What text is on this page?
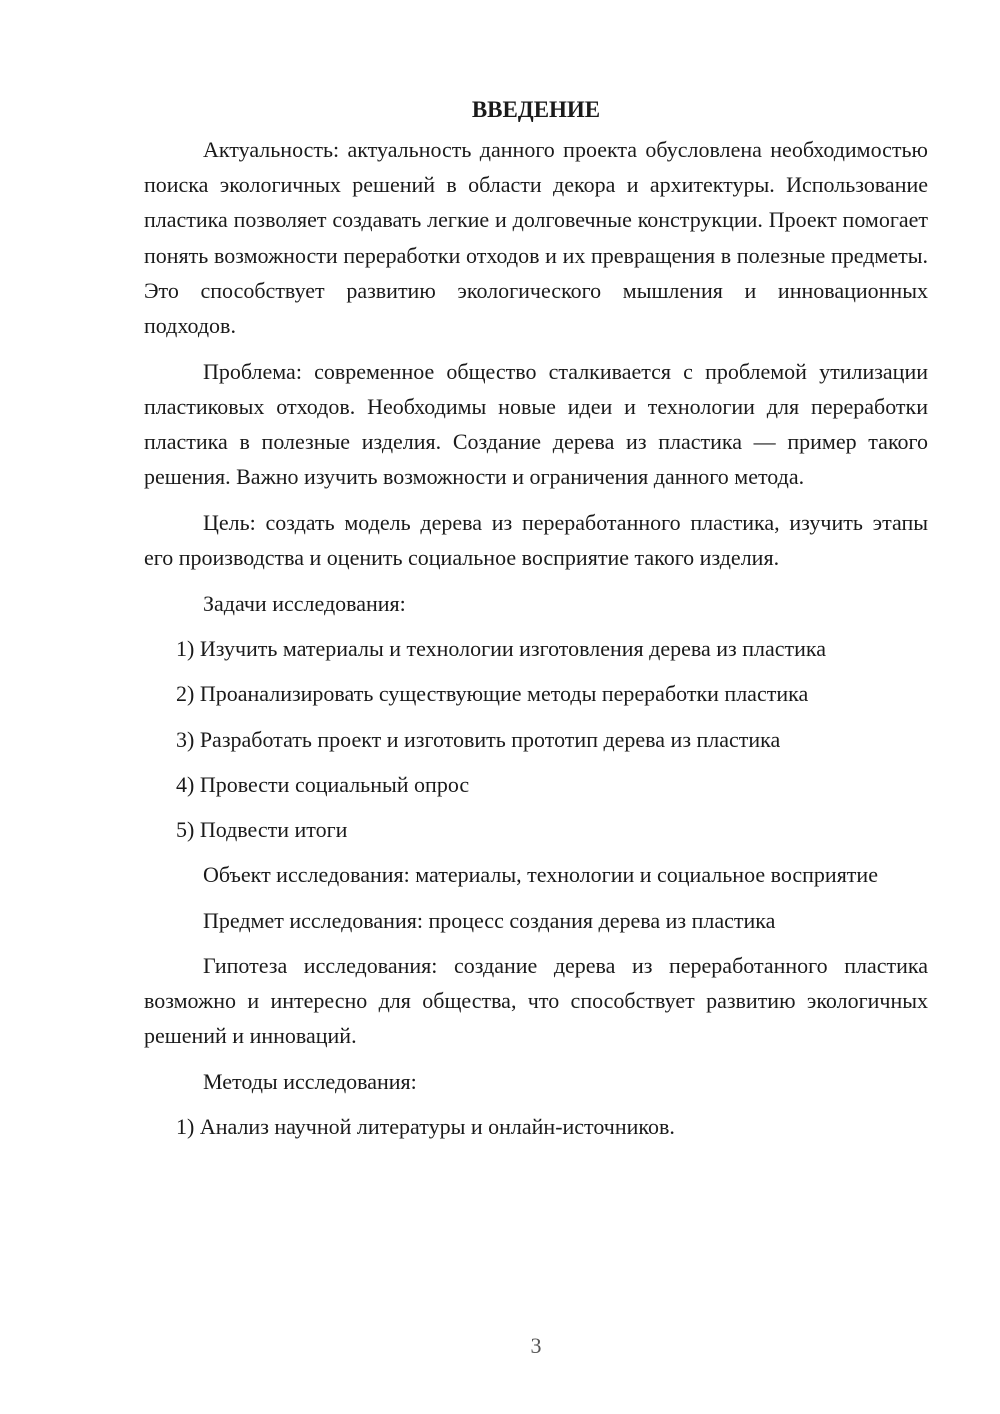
ВВЕДЕНИЕ

Актуальность: актуальность данного проекта обусловлена необходимостью поиска экологичных решений в области декора и архитектуры. Использование пластика позволяет создавать легкие и долговечные конструкции. Проект помогает понять возможности переработки отходов и их превращения в полезные предметы. Это способствует развитию экологического мышления и инновационных подходов.

Проблема: современное общество сталкивается с проблемой утилизации пластиковых отходов. Необходимы новые идеи и технологии для переработки пластика в полезные изделия. Создание дерева из пластика — пример такого решения. Важно изучить возможности и ограничения данного метода.

Цель: создать модель дерева из переработанного пластика, изучить этапы его производства и оценить социальное восприятие такого изделия.

Задачи исследования:

1) Изучить материалы и технологии изготовления дерева из пластика
2) Проанализировать существующие методы переработки пластика
3) Разработать проект и изготовить прототип дерева из пластика
4) Провести социальный опрос
5) Подвести итоги

Объект исследования: материалы, технологии и социальное восприятие

Предмет исследования: процесс создания дерева из пластика

Гипотеза исследования: создание дерева из переработанного пластика возможно и интересно для общества, что способствует развитию экологичных решений и инноваций.

Методы исследования:

1) Анализ научной литературы и онлайн-источников.
3
